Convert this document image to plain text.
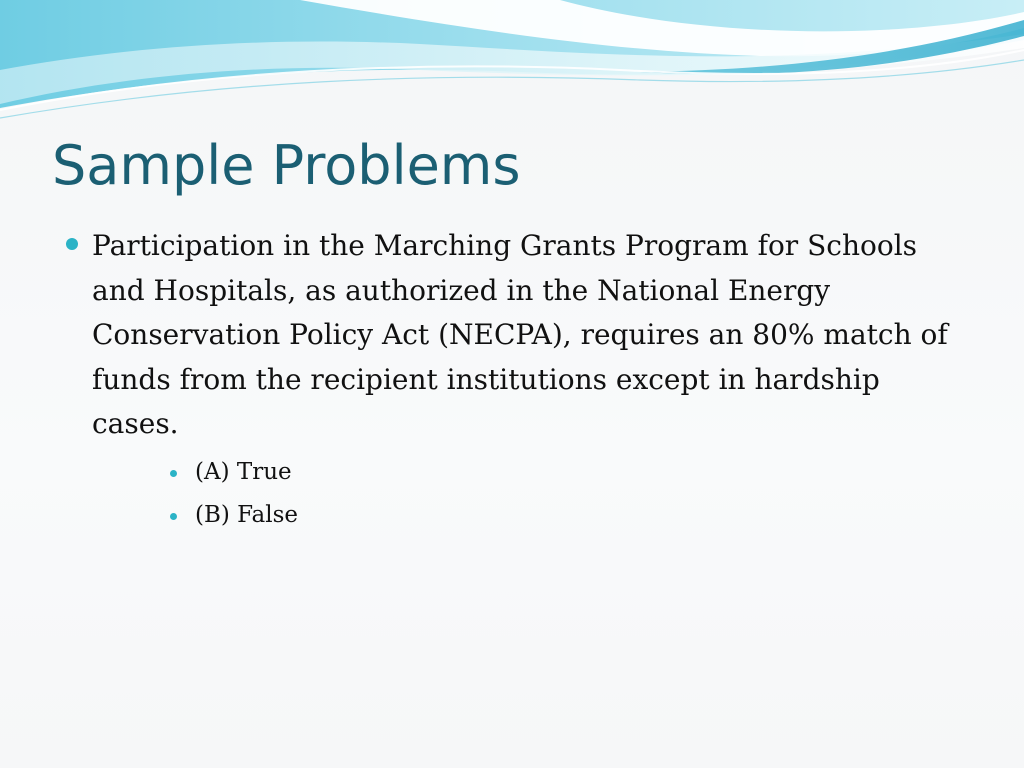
Sample Problems
Participation in the Marching Grants Program for Schools and Hospitals, as authorized in the National Energy Conservation Policy Act (NECPA), requires an 80% match of funds from the recipient institutions except in hardship cases.
(A) True
(B) False
